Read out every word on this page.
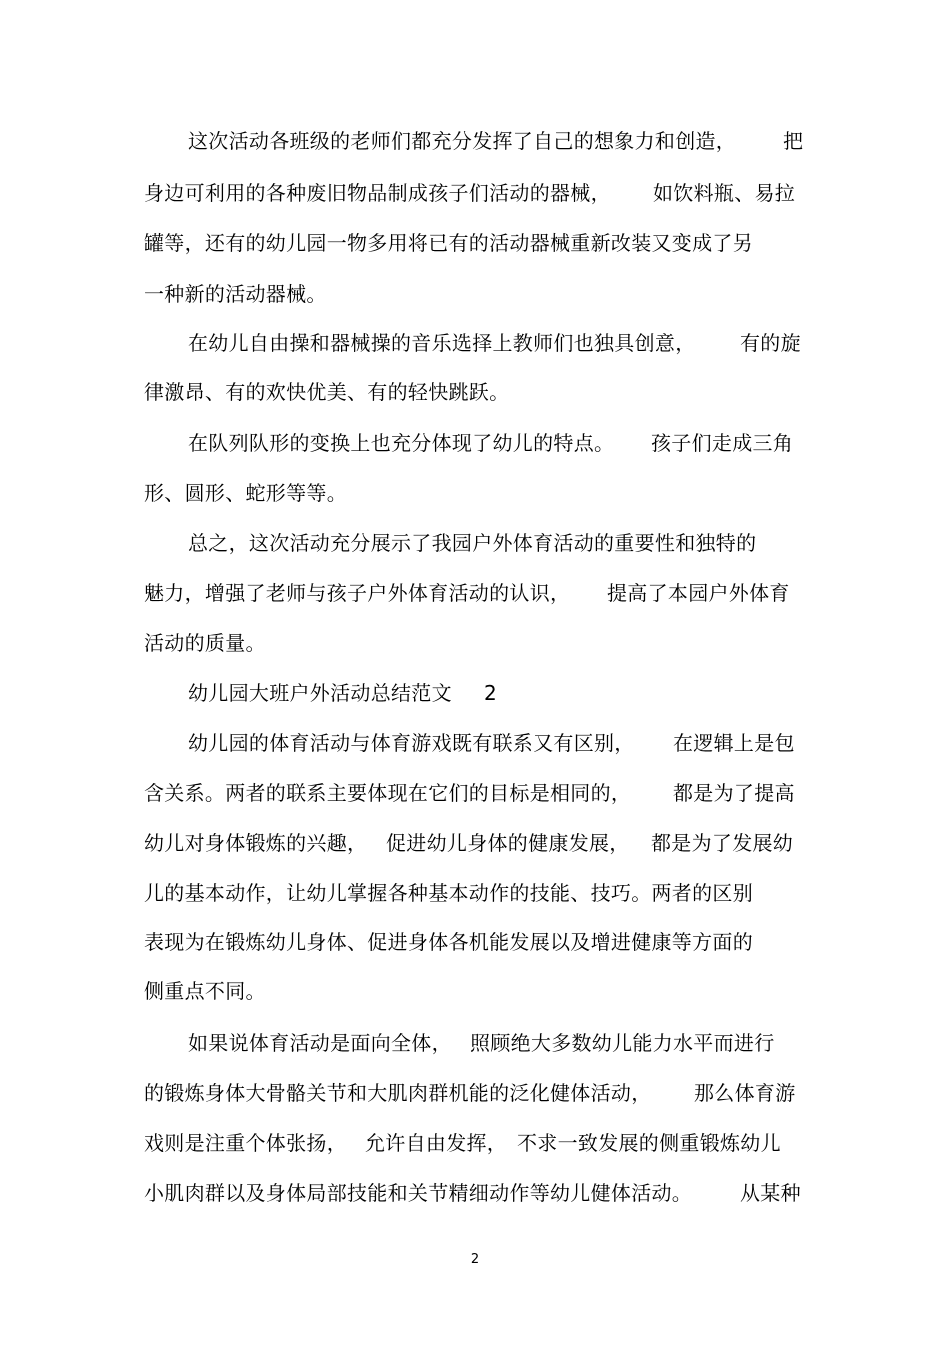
这次活动各班级的老师们都充分发挥了自己的想象力和创造， 把
身边可利用的各种废旧物品制成孩子们活动的器械， 如饮料瓶、易拉
罐等，还有的幼儿园一物多用将已有的活动器械重新改装又变成了另
一种新的活动器械。
在幼儿自由操和器械操的音乐选择上教师们也独具创意， 有的旋
律激昂、有的欢快优美、有的轻快跳跃。
在队列队形的变换上也充分体现了幼儿的特点。 孩子们走成三角
形、圆形、蛇形等等。
总之，这次活动充分展示了我园户外体育活动的重要性和独特的
魅力，增强了老师与孩子户外体育活动的认识， 提高了本园户外体育
活动的质量。
幼儿园大班户外活动总结范文 2
幼儿园的体育活动与体育游戏既有联系又有区别， 在逻辑上是包
含关系。两者的联系主要体现在它们的目标是相同的， 都是为了提高
幼儿对身体锻炼的兴趣， 促进幼儿身体的健康发展， 都是为了发展幼
儿的基本动作，让幼儿掌握各种基本动作的技能、技巧。两者的区别
表现为在锻炼幼儿身体、促进身体各机能发展以及增进健康等方面的
侧重点不同。
如果说体育活动是面向全体， 照顾绝大多数幼儿能力水平而进行
的锻炼身体大骨骼关节和大肌肉群机能的泛化健体活动， 那么体育游
戏则是注重个体张扬， 允许自由发挥， 不求一致发展的侧重锻炼幼儿
小肌肉群以及身体局部技能和关节精细动作等幼儿健体活动。 从某种
2
